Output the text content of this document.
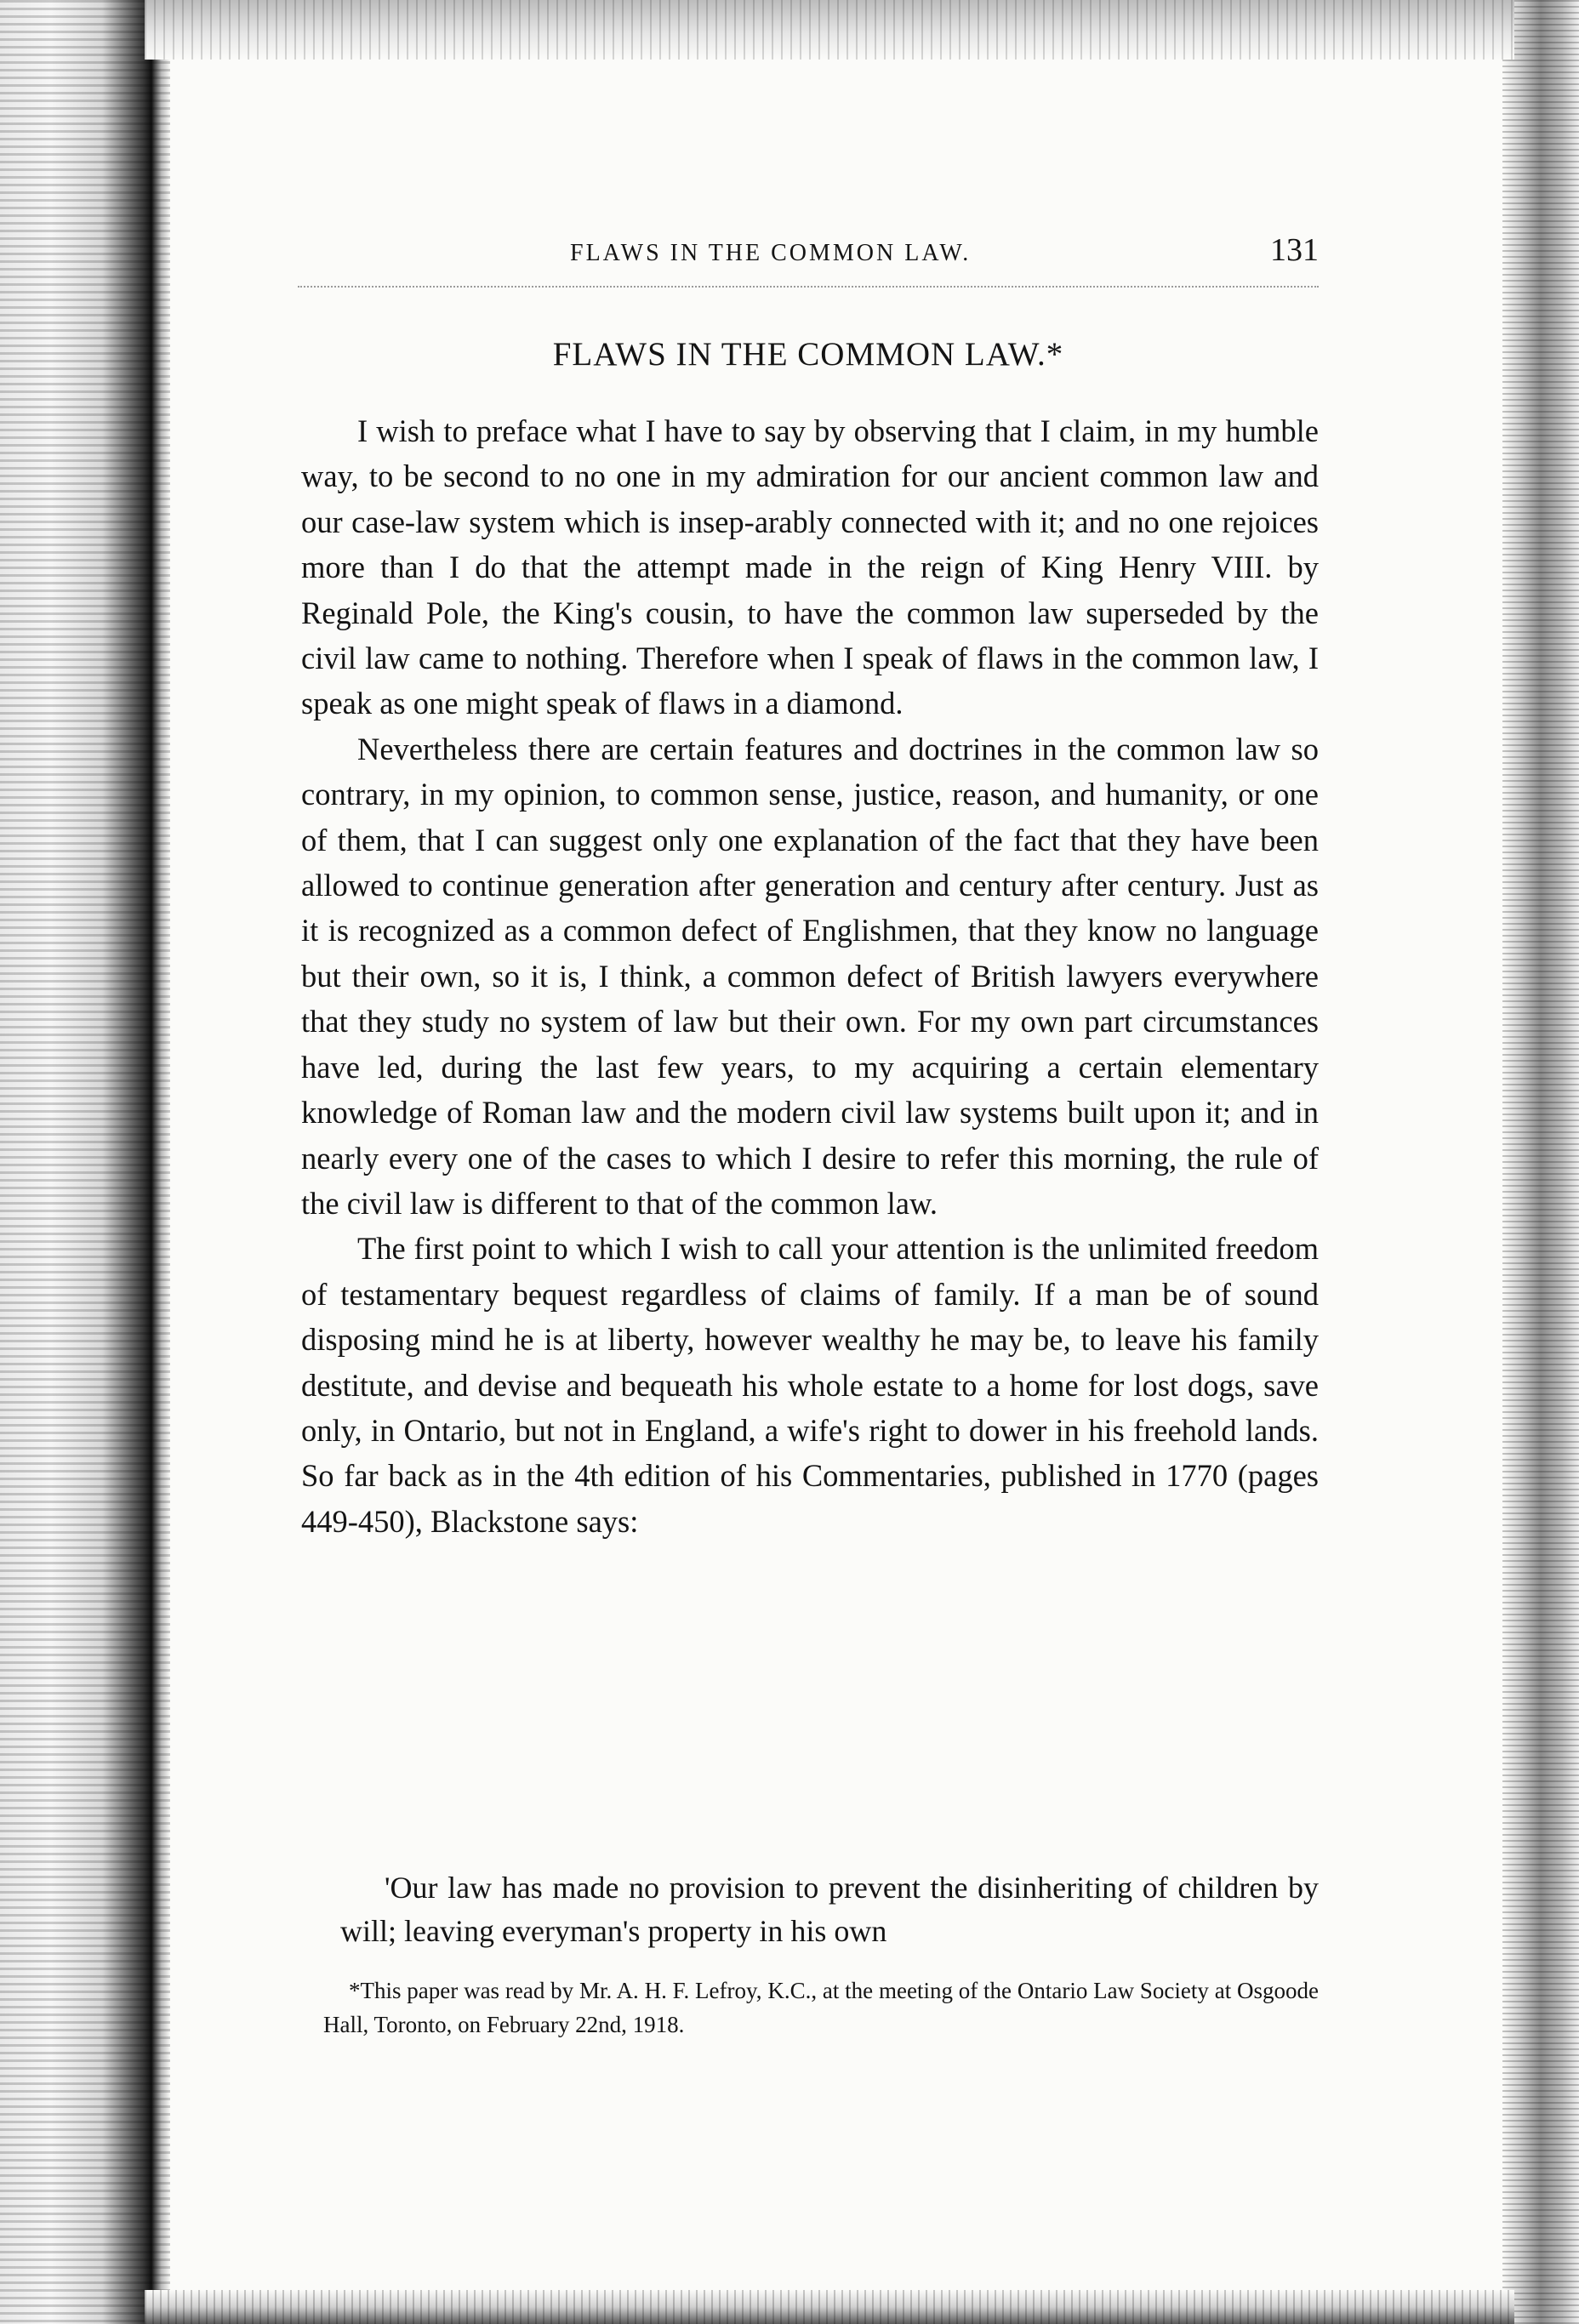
FLAWS IN THE COMMON LAW.	131
FLAWS IN THE COMMON LAW.*

I wish to preface what I have to say by observing that I claim, in my humble way, to be second to no one in my admiration for our ancient common law and our case-law system which is insep-arably connected with it; and no one rejoices more than I do that the attempt made in the reign of King Henry VIII. by Reginald Pole, the King's cousin, to have the common law superseded by the civil law came to nothing. Therefore when I speak of flaws in the common law, I speak as one might speak of flaws in a diamond.

Nevertheless there are certain features and doctrines in the common law so contrary, in my opinion, to common sense, justice, reason, and humanity, or one of them, that I can suggest only one explanation of the fact that they have been allowed to continue generation after generation and century after century. Just as it is recognized as a common defect of Englishmen, that they know no language but their own, so it is, I think, a common defect of British lawyers everywhere that they study no system of law but their own. For my own part circumstances have led, during the last few years, to my acquiring a certain elementary knowledge of Roman law and the modern civil law systems built upon it; and in nearly every one of the cases to which I desire to refer this morning, the rule of the civil law is different to that of the common law.

The first point to which I wish to call your attention is the unlimited freedom of testamentary bequest regardless of claims of family. If a man be of sound disposing mind he is at liberty, however wealthy he may be, to leave his family destitute, and devise and bequeath his whole estate to a home for lost dogs, save only, in Ontario, but not in England, a wife's right to dower in his freehold lands. So far back as in the 4th edition of his Commentaries, published in 1770 (pages 449-450), Blackstone says:

'Our law has made no provision to prevent the disinheriting of children by will; leaving everyman's property in his own

*This paper was read by Mr. A. H. F. Lefroy, K.C., at the meeting of the Ontario Law Society at Osgoode Hall, Toronto, on February 22nd, 1918.
